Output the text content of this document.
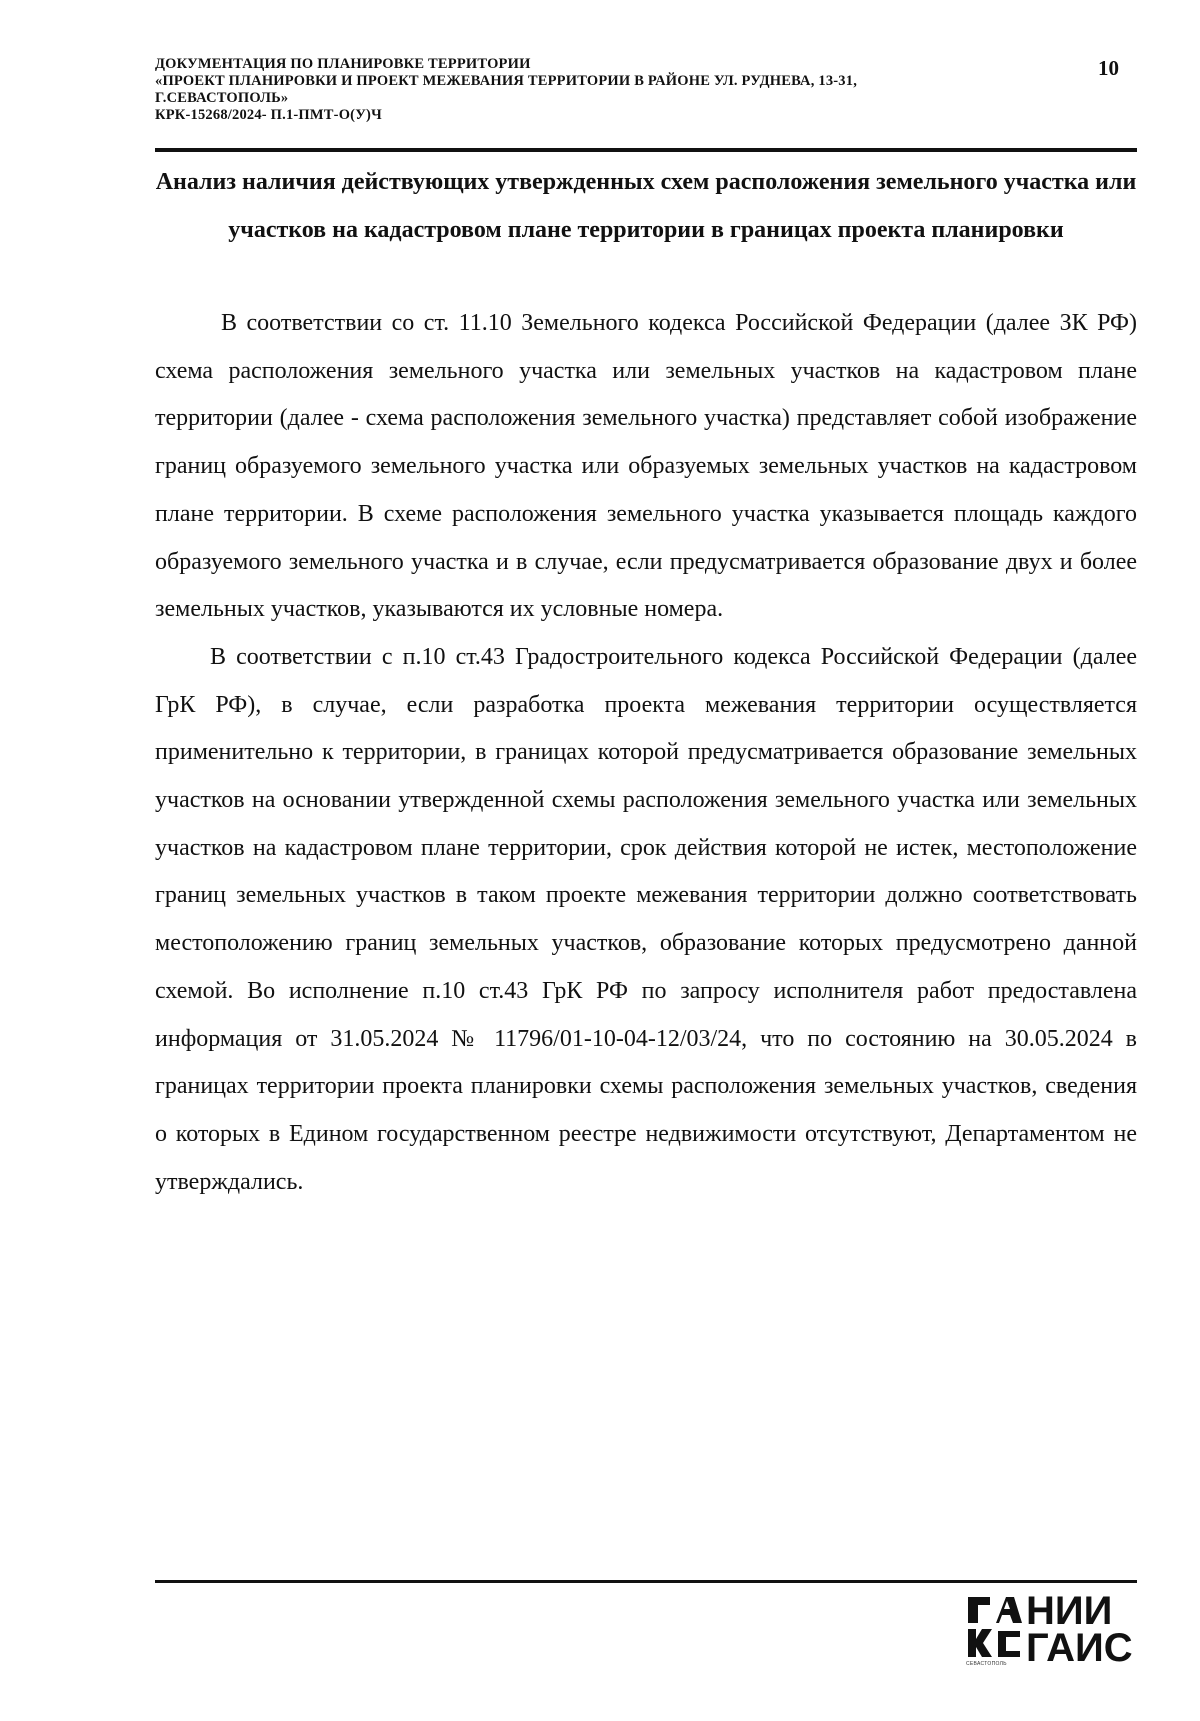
ДОКУМЕНТАЦИЯ ПО ПЛАНИРОВКЕ ТЕРРИТОРИИ
«ПРОЕКТ ПЛАНИРОВКИ И ПРОЕКТ МЕЖЕВАНИЯ ТЕРРИТОРИИ В РАЙОНЕ УЛ. РУДНЕВА, 13-31,
Г.СЕВАСТОПОЛЬ»
КРК-15268/2024- П.1-ПМТ-О(У)Ч
10
Анализ наличия действующих утвержденных схем расположения земельного участка или участков на кадастровом плане территории в границах проекта планировки

В соответствии со ст. 11.10 Земельного кодекса Российской Федерации (далее ЗК РФ) схема расположения земельного участка или земельных участков на кадастровом плане территории (далее - схема расположения земельного участка) представляет собой изображение границ образуемого земельного участка или образуемых земельных участков на кадастровом плане территории. В схеме расположения земельного участка указывается площадь каждого образуемого земельного участка и в случае, если предусматривается образование двух и более земельных участков, указываются их условные номера.

В соответствии с п.10 ст.43 Градостроительного кодекса Российской Федерации (далее ГрК РФ), в случае, если разработка проекта межевания территории осуществляется применительно к территории, в границах которой предусматривается образование земельных участков на основании утвержденной схемы расположения земельного участка или земельных участков на кадастровом плане территории, срок действия которой не истек, местоположение границ земельных участков в таком проекте межевания территории должно соответствовать местоположению границ земельных участков, образование которых предусмотрено данной схемой. Во исполнение п.10 ст.43 ГрК РФ по запросу исполнителя работ предоставлена информация от 31.05.2024 № 11796/01-10-04-12/03/24, что по состоянию на 30.05.2024 в границах территории проекта планировки схемы расположения земельных участков, сведения о которых в Едином государственном реестре недвижимости отсутствуют, Департаментом не утверждались.

НИИ
ГАИС
СЕВАСТОПОЛЬ
